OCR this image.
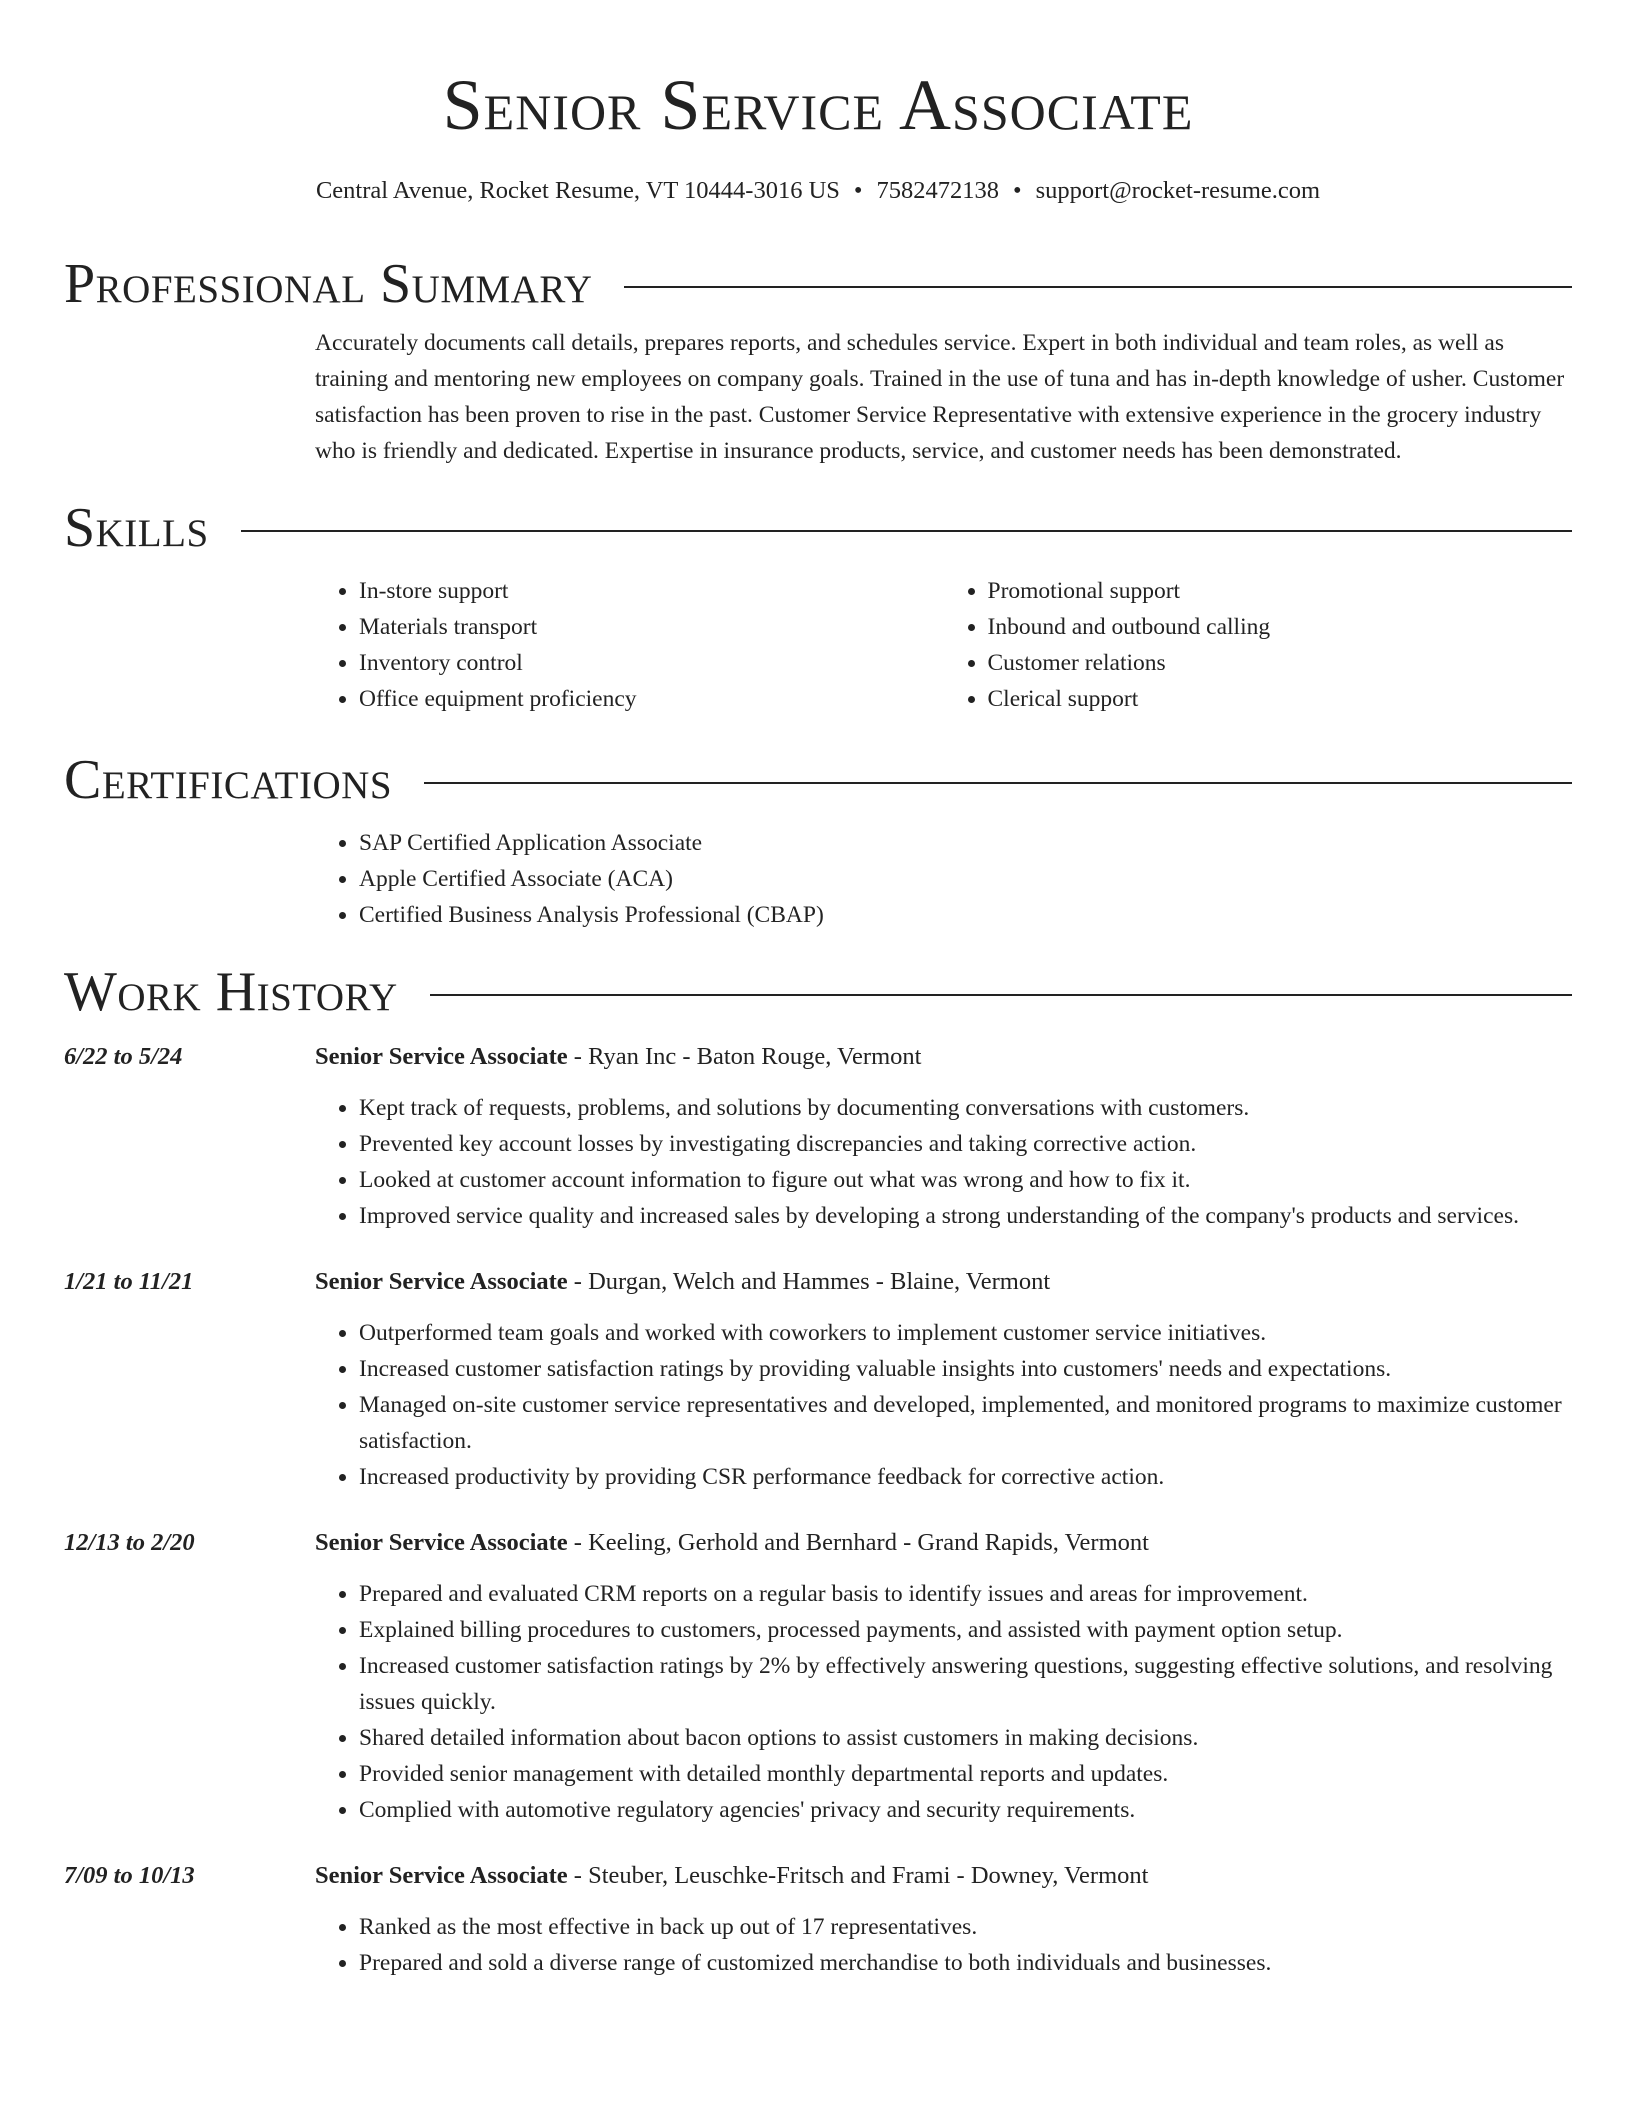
Senior Service Associate
Central Avenue, Rocket Resume, VT 10444-3016 US • 7582472138 • support@rocket-resume.com
Professional Summary
Accurately documents call details, prepares reports, and schedules service. Expert in both individual and team roles, as well as training and mentoring new employees on company goals. Trained in the use of tuna and has in-depth knowledge of usher. Customer satisfaction has been proven to rise in the past. Customer Service Representative with extensive experience in the grocery industry who is friendly and dedicated. Expertise in insurance products, service, and customer needs has been demonstrated.
Skills
• In-store support
• Materials transport
• Inventory control
• Office equipment proficiency
• Promotional support
• Inbound and outbound calling
• Customer relations
• Clerical support
Certifications
• SAP Certified Application Associate
• Apple Certified Associate (ACA)
• Certified Business Analysis Professional (CBAP)
Work History
6/22 to 5/24	Senior Service Associate - Ryan Inc - Baton Rouge, Vermont
• Kept track of requests, problems, and solutions by documenting conversations with customers.
• Prevented key account losses by investigating discrepancies and taking corrective action.
• Looked at customer account information to figure out what was wrong and how to fix it.
• Improved service quality and increased sales by developing a strong understanding of the company's products and services.
1/21 to 11/21	Senior Service Associate - Durgan, Welch and Hammes - Blaine, Vermont
• Outperformed team goals and worked with coworkers to implement customer service initiatives.
• Increased customer satisfaction ratings by providing valuable insights into customers' needs and expectations.
• Managed on-site customer service representatives and developed, implemented, and monitored programs to maximize customer satisfaction.
• Increased productivity by providing CSR performance feedback for corrective action.
12/13 to 2/20	Senior Service Associate - Keeling, Gerhold and Bernhard - Grand Rapids, Vermont
• Prepared and evaluated CRM reports on a regular basis to identify issues and areas for improvement.
• Explained billing procedures to customers, processed payments, and assisted with payment option setup.
• Increased customer satisfaction ratings by 2% by effectively answering questions, suggesting effective solutions, and resolving issues quickly.
• Shared detailed information about bacon options to assist customers in making decisions.
• Provided senior management with detailed monthly departmental reports and updates.
• Complied with automotive regulatory agencies' privacy and security requirements.
7/09 to 10/13	Senior Service Associate - Steuber, Leuschke-Fritsch and Frami - Downey, Vermont
• Ranked as the most effective in back up out of 17 representatives.
• Prepared and sold a diverse range of customized merchandise to both individuals and businesses.
